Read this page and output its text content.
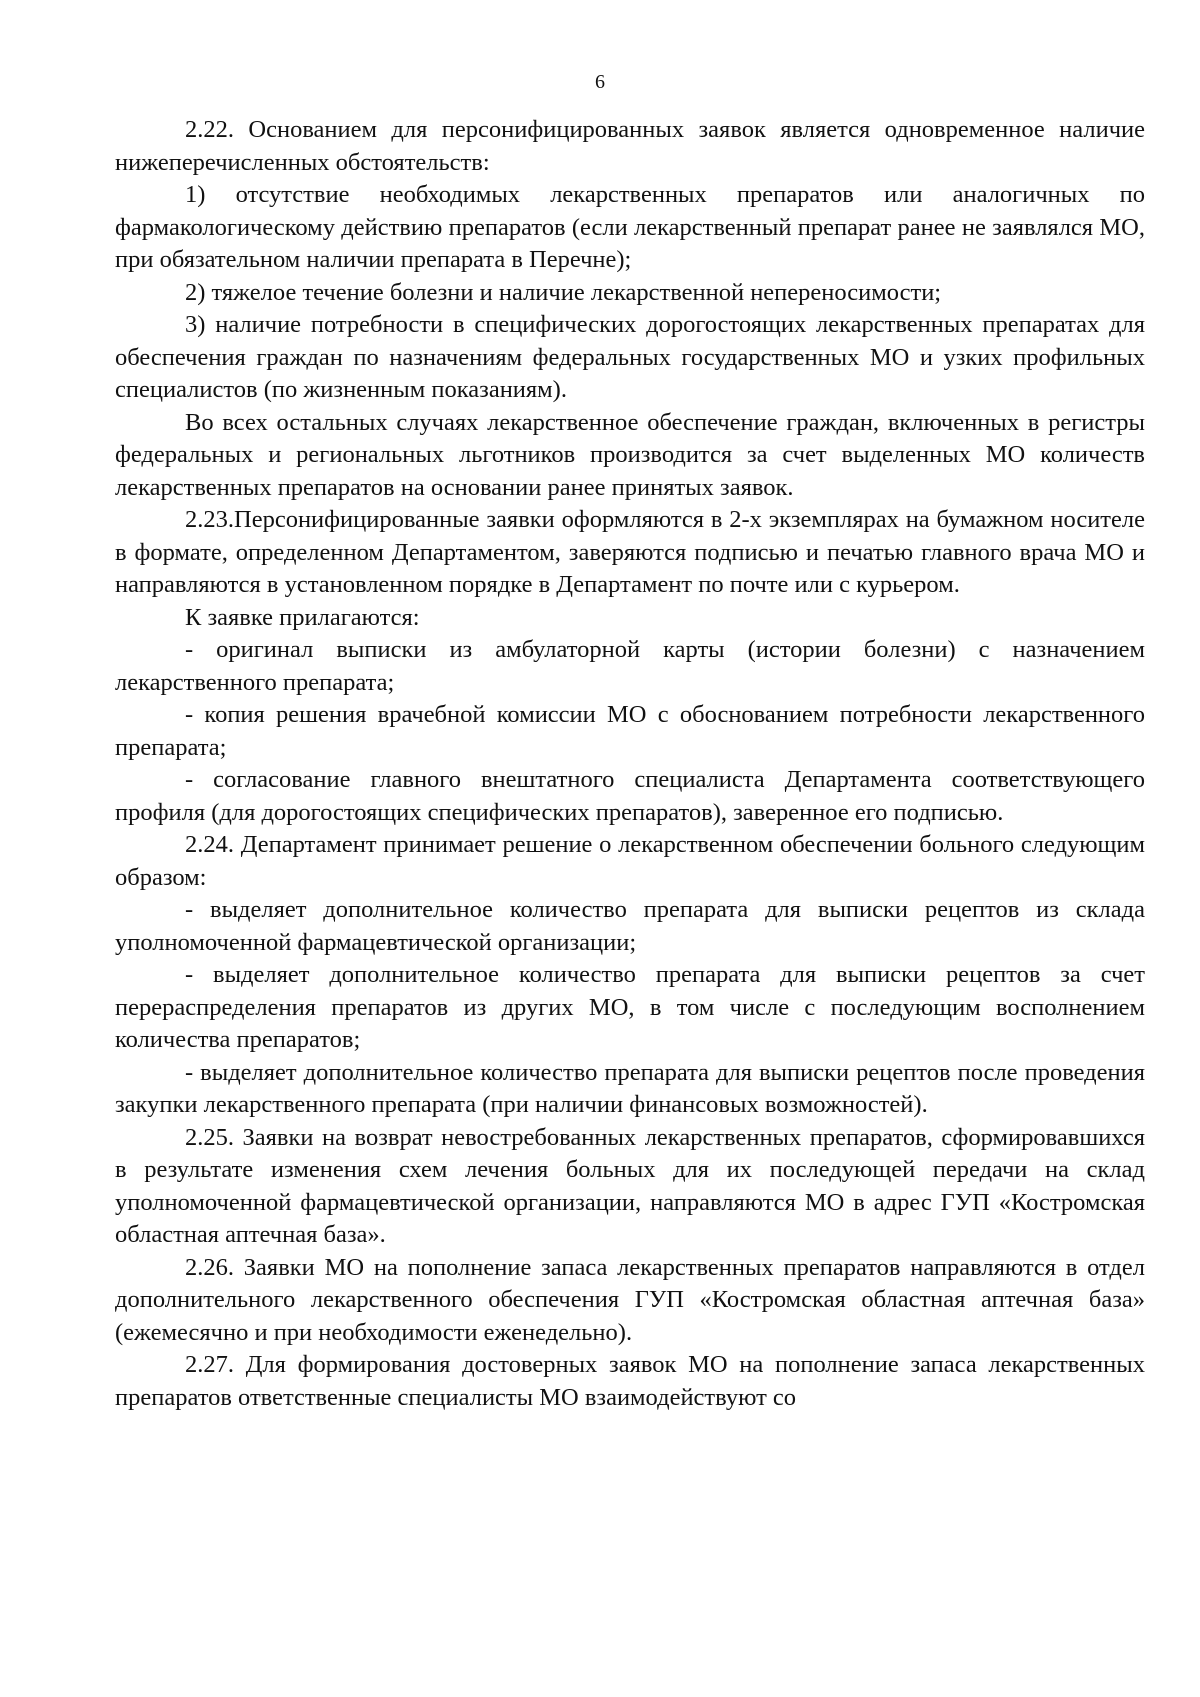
6

2.22. Основанием для персонифицированных заявок является одновременное наличие нижеперечисленных обстоятельств:

1) отсутствие необходимых лекарственных препаратов или аналогичных по фармакологическому действию препаратов (если лекарственный препарат ранее не заявлялся МО, при обязательном наличии препарата в Перечне);

2) тяжелое течение болезни и наличие лекарственной непереносимости;

3) наличие потребности в специфических дорогостоящих лекарственных препаратах для обеспечения граждан по назначениям федеральных государственных МО и узких профильных специалистов (по жизненным показаниям).

Во всех остальных случаях лекарственное обеспечение граждан, включенных в регистры федеральных и региональных льготников производится за счет выделенных МО количеств лекарственных препаратов на основании ранее принятых заявок.

2.23.Персонифицированные заявки оформляются в 2-х экземплярах на бумажном носителе в формате, определенном Департаментом, заверяются подписью и печатью главного врача МО и направляются в установленном порядке в Департамент по почте или с курьером.

К заявке прилагаются:

- оригинал выписки из амбулаторной карты (истории болезни) с назначением лекарственного препарата;

- копия решения врачебной комиссии МО с обоснованием потребности лекарственного препарата;

- согласование главного внештатного специалиста Департамента соответствующего профиля (для дорогостоящих специфических препаратов), заверенное его подписью.

2.24. Департамент принимает решение о лекарственном обеспечении больного следующим образом:

- выделяет дополнительное количество препарата для выписки рецептов из склада уполномоченной фармацевтической организации;

- выделяет дополнительное количество препарата для выписки рецептов за счет перераспределения препаратов из других МО, в том числе с последующим восполнением количества препаратов;

- выделяет дополнительное количество препарата для выписки рецептов после проведения закупки лекарственного препарата (при наличии финансовых возможностей).

2.25. Заявки на возврат невостребованных лекарственных препаратов, сформировавшихся в результате изменения схем лечения больных для их последующей передачи на склад уполномоченной фармацевтической организации, направляются МО в адрес ГУП «Костромская областная аптечная база».

2.26. Заявки МО на пополнение запаса лекарственных препаратов направляются в отдел дополнительного лекарственного обеспечения ГУП «Костромская областная аптечная база» (ежемесячно и при необходимости еженедельно).

2.27. Для формирования достоверных заявок МО на пополнение запаса лекарственных препаратов ответственные специалисты МО взаимодействуют со
